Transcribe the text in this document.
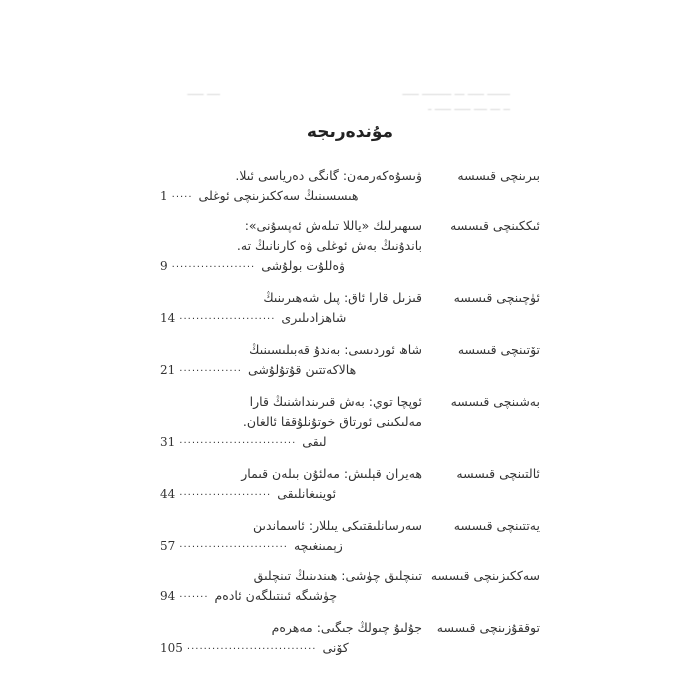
ـــــــ ـــــ ـــ ـــــــــ ـــــ
ــ ـــ ــــ ـــــ ـــــ ـ
ــــ ـــــ
مۇندەرىجە
بىرىنچى قىسسە
ۋىسۇەكەرمەن: گانگى دەرياسى ئىلا.
1 ····· ھىسسىنىڭ سەككىزىنچى ئوغلى
ئىككىنچى قىسسە
سىھىرلىك «ياللا تىلەش ئەپسۇنى»:
باندۇنىڭ بەش ئوغلى ۋە كارنانىڭ تە.
9 ···················· ۋەللۇت بولۇشى
ئۈچىنچى قىسسە
قىزىل قارا ئاق: پىل شەھىرىنىڭ
14 ······················· شاھزادىلىرى
تۆتىنچى قىسسە
شاھ ئوردىسى: بەندۇ قەبىلىسىنىڭ
21 ··············· ھالاكەتتىن قۇتۇلۇشى
بەشىنچى قىسسە
ئوپچا توي: بەش قىرىنداشنىڭ قارا
مەلىكىنى ئورتاق خوتۇنلۇققا ئالغان.
31 ···························· لىقى
ئالتىنچى قىسسە
ھەيران قېلىش: مەلئۇن بىلەن قىمار
44 ······················ ئوينىغانلىقى
يەتتىنچى قىسسە
سەرسانلىقتىكى يىللار: ئاسماندىن
57 ·························· زېمىنغىچە
سەككىزىنچى قىسسە
تىنچلىق چۈشى: ھىندىنىڭ تىنچلىق
94 ······· چۈشىگە ئىنتىلگەن ئادەم
توققۇزىنچى قىسسە
جۇلىۇ چىولڭ جىگىى: مەھرەم
105 ······························· كۆنى
